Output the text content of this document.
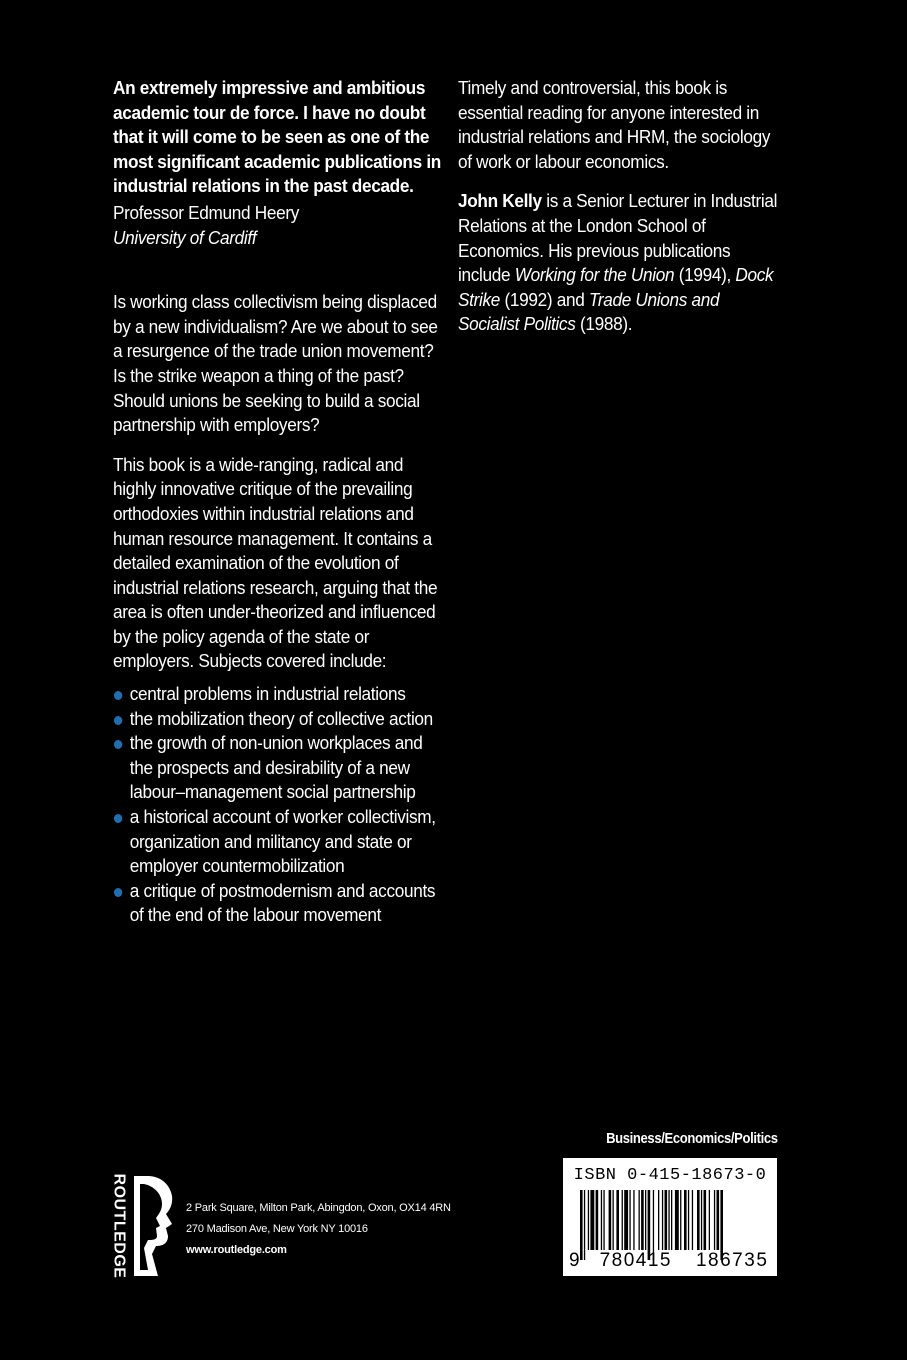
An extremely impressive and ambitious academic tour de force. I have no doubt that it will come to be seen as one of the most significant academic publications in industrial relations in the past decade.

Professor Edmund Heery

University of Cardiff

Is working class collectivism being displaced by a new individualism? Are we about to see a resurgence of the trade union movement? Is the strike weapon a thing of the past? Should unions be seeking to build a social partnership with employers?

This book is a wide-ranging, radical and highly innovative critique of the prevailing orthodoxies within industrial relations and human resource management. It contains a detailed examination of the evolution of industrial relations research, arguing that the area is often under-theorized and influenced by the policy agenda of the state or employers. Subjects covered include:

central problems in industrial relations
the mobilization theory of collective action
the growth of non-union workplaces and the prospects and desirability of a new labour–management social partnership
a historical account of worker collectivism, organization and militancy and state or employer countermobilization
a critique of postmodernism and accounts of the end of the labour movement

Timely and controversial, this book is essential reading for anyone interested in industrial relations and HRM, the sociology of work or labour economics.

John Kelly is a Senior Lecturer in Industrial Relations at the London School of Economics. His previous publications include Working for the Union (1994), Dock Strike (1992) and Trade Unions and Socialist Politics (1988).

Business/Economics/Politics
ROUTLEDGE	2 Park Square, Milton Park, Abingdon, Oxon, OX14 4RN
270 Madison Ave, New York NY 10016
www.routledge.com
ISBN 0-415-18673-0
9 780415 186735
